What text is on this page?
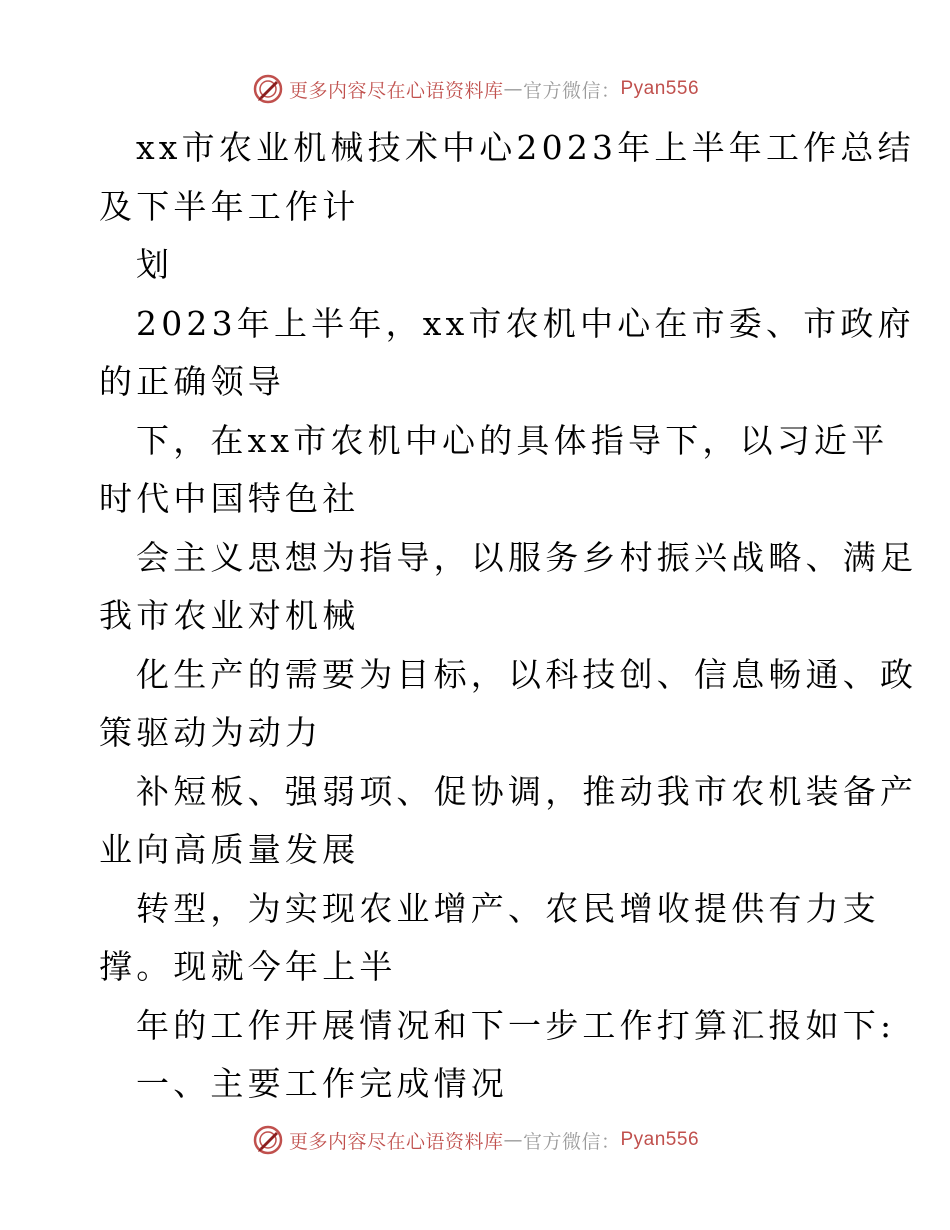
更多内容尽在心语资料库 — 官方微信： Pyan556
xx市农业机械技术中心2023年上半年工作总结
及下半年工作计
划
2023年上半年，xx市农机中心在市委、市政府
的正确领导
下，在xx市农机中心的具体指导下，以习近平
时代中国特色社
会主义思想为指导，以服务乡村振兴战略、满足
我市农业对机械
化生产的需要为目标，以科技创、信息畅通、政
策驱动为动力
补短板、强弱项、促协调，推动我市农机装备产
业向高质量发展
转型，为实现农业增产、农民增收提供有力支
撑。现就今年上半
年的工作开展情况和下一步工作打算汇报如下:
一、主要工作完成情况
更多内容尽在心语资料库 — 官方微信： Pyan556
